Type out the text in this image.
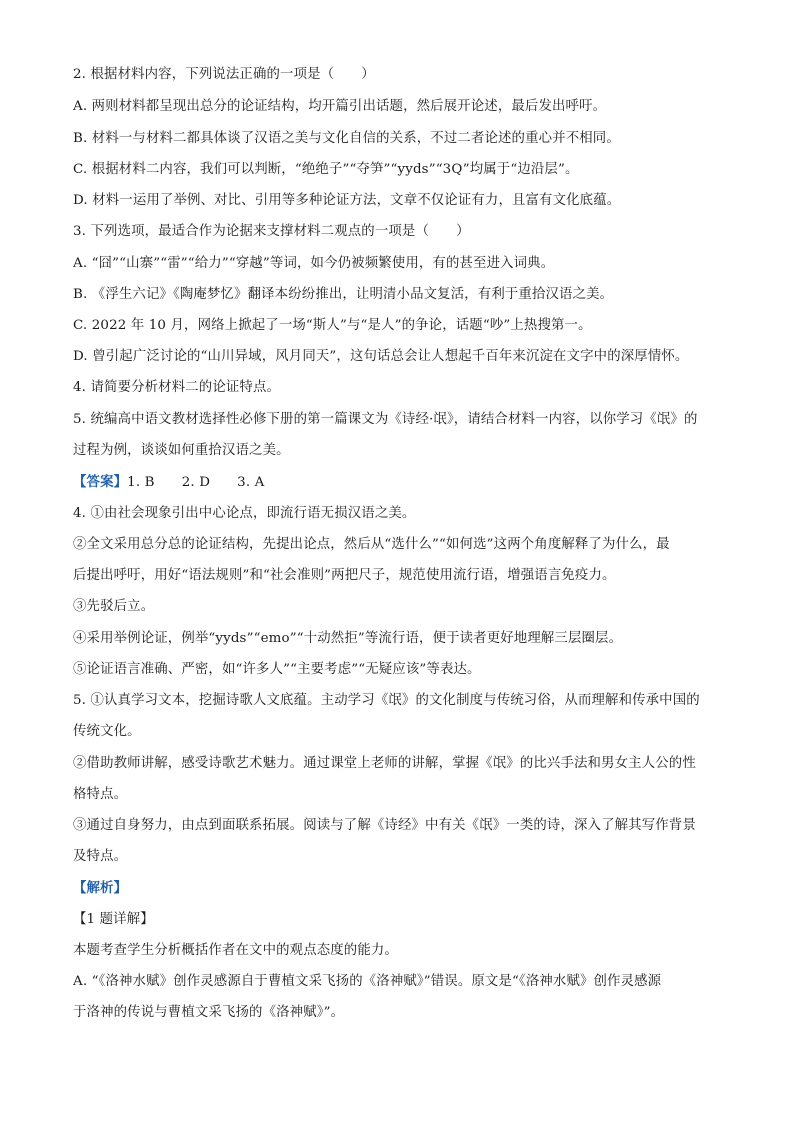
2. 根据材料内容，下列说法正确的一项是（　　）
A. 两则材料都呈现出总分的论证结构，均开篇引出话题，然后展开论述，最后发出呼吁。
B. 材料一与材料二都具体谈了汉语之美与文化自信的关系，不过二者论述的重心并不相同。
C. 根据材料二内容，我们可以判断，“绝绝子”“夺笋”“yyds”“3Q”均属于“边沿层”。
D. 材料一运用了举例、对比、引用等多种论证方法，文章不仅论证有力，且富有文化底蕴。
3. 下列选项，最适合作为论据来支撑材料二观点的一项是（　　）
A. “囧”“山寨”“雷”“给力”“穿越”等词，如今仍被频繁使用，有的甚至进入词典。
B. 《浮生六记》《陶庵梦忆》翻译本纷纷推出，让明清小品文复活，有利于重拾汉语之美。
C. 2022 年 10 月，网络上掀起了一场“斯人”与“是人”的争论，话题“吵”上热搜第一。
D. 曾引起广泛讨论的“山川异域，风月同天”，这句话总会让人想起千百年来沉淀在文字中的深厚情怀。
4. 请简要分析材料二的论证特点。
5. 统编高中语文教材选择性必修下册的第一篇课文为《诗经·氓》，请结合材料一内容，以你学习《氓》的
过程为例，谈谈如何重拾汉语之美。
【答案】1. B　　2. D　　3. A
4. ①由社会现象引出中心论点，即流行语无损汉语之美。
②全文采用总分总的论证结构，先提出论点，然后从“选什么”“如何选”这两个角度解释了为什么，最
后提出呼吁，用好“语法规则”和“社会准则”两把尺子，规范使用流行语，增强语言免疫力。
③先驳后立。
④采用举例论证，例举“yyds”“emo”“十动然拒”等流行语，便于读者更好地理解三层圈层。
⑤论证语言准确、严密，如“许多人”“主要考虑”“无疑应该”等表达。
5. ①认真学习文本，挖掘诗歌人文底蕴。主动学习《氓》的文化制度与传统习俗，从而理解和传承中国的
传统文化。
②借助教师讲解，感受诗歌艺术魅力。通过课堂上老师的讲解，掌握《氓》的比兴手法和男女主人公的性
格特点。
③通过自身努力，由点到面联系拓展。阅读与了解《诗经》中有关《氓》一类的诗，深入了解其写作背景
及特点。
【解析】
【1 题详解】
本题考查学生分析概括作者在文中的观点态度的能力。
A. “《洛神水赋》创作灵感源自于曹植文采飞扬的《洛神赋》”错误。原文是“《洛神水赋》创作灵感源
于洛神的传说与曹植文采飞扬的《洛神赋》”。
